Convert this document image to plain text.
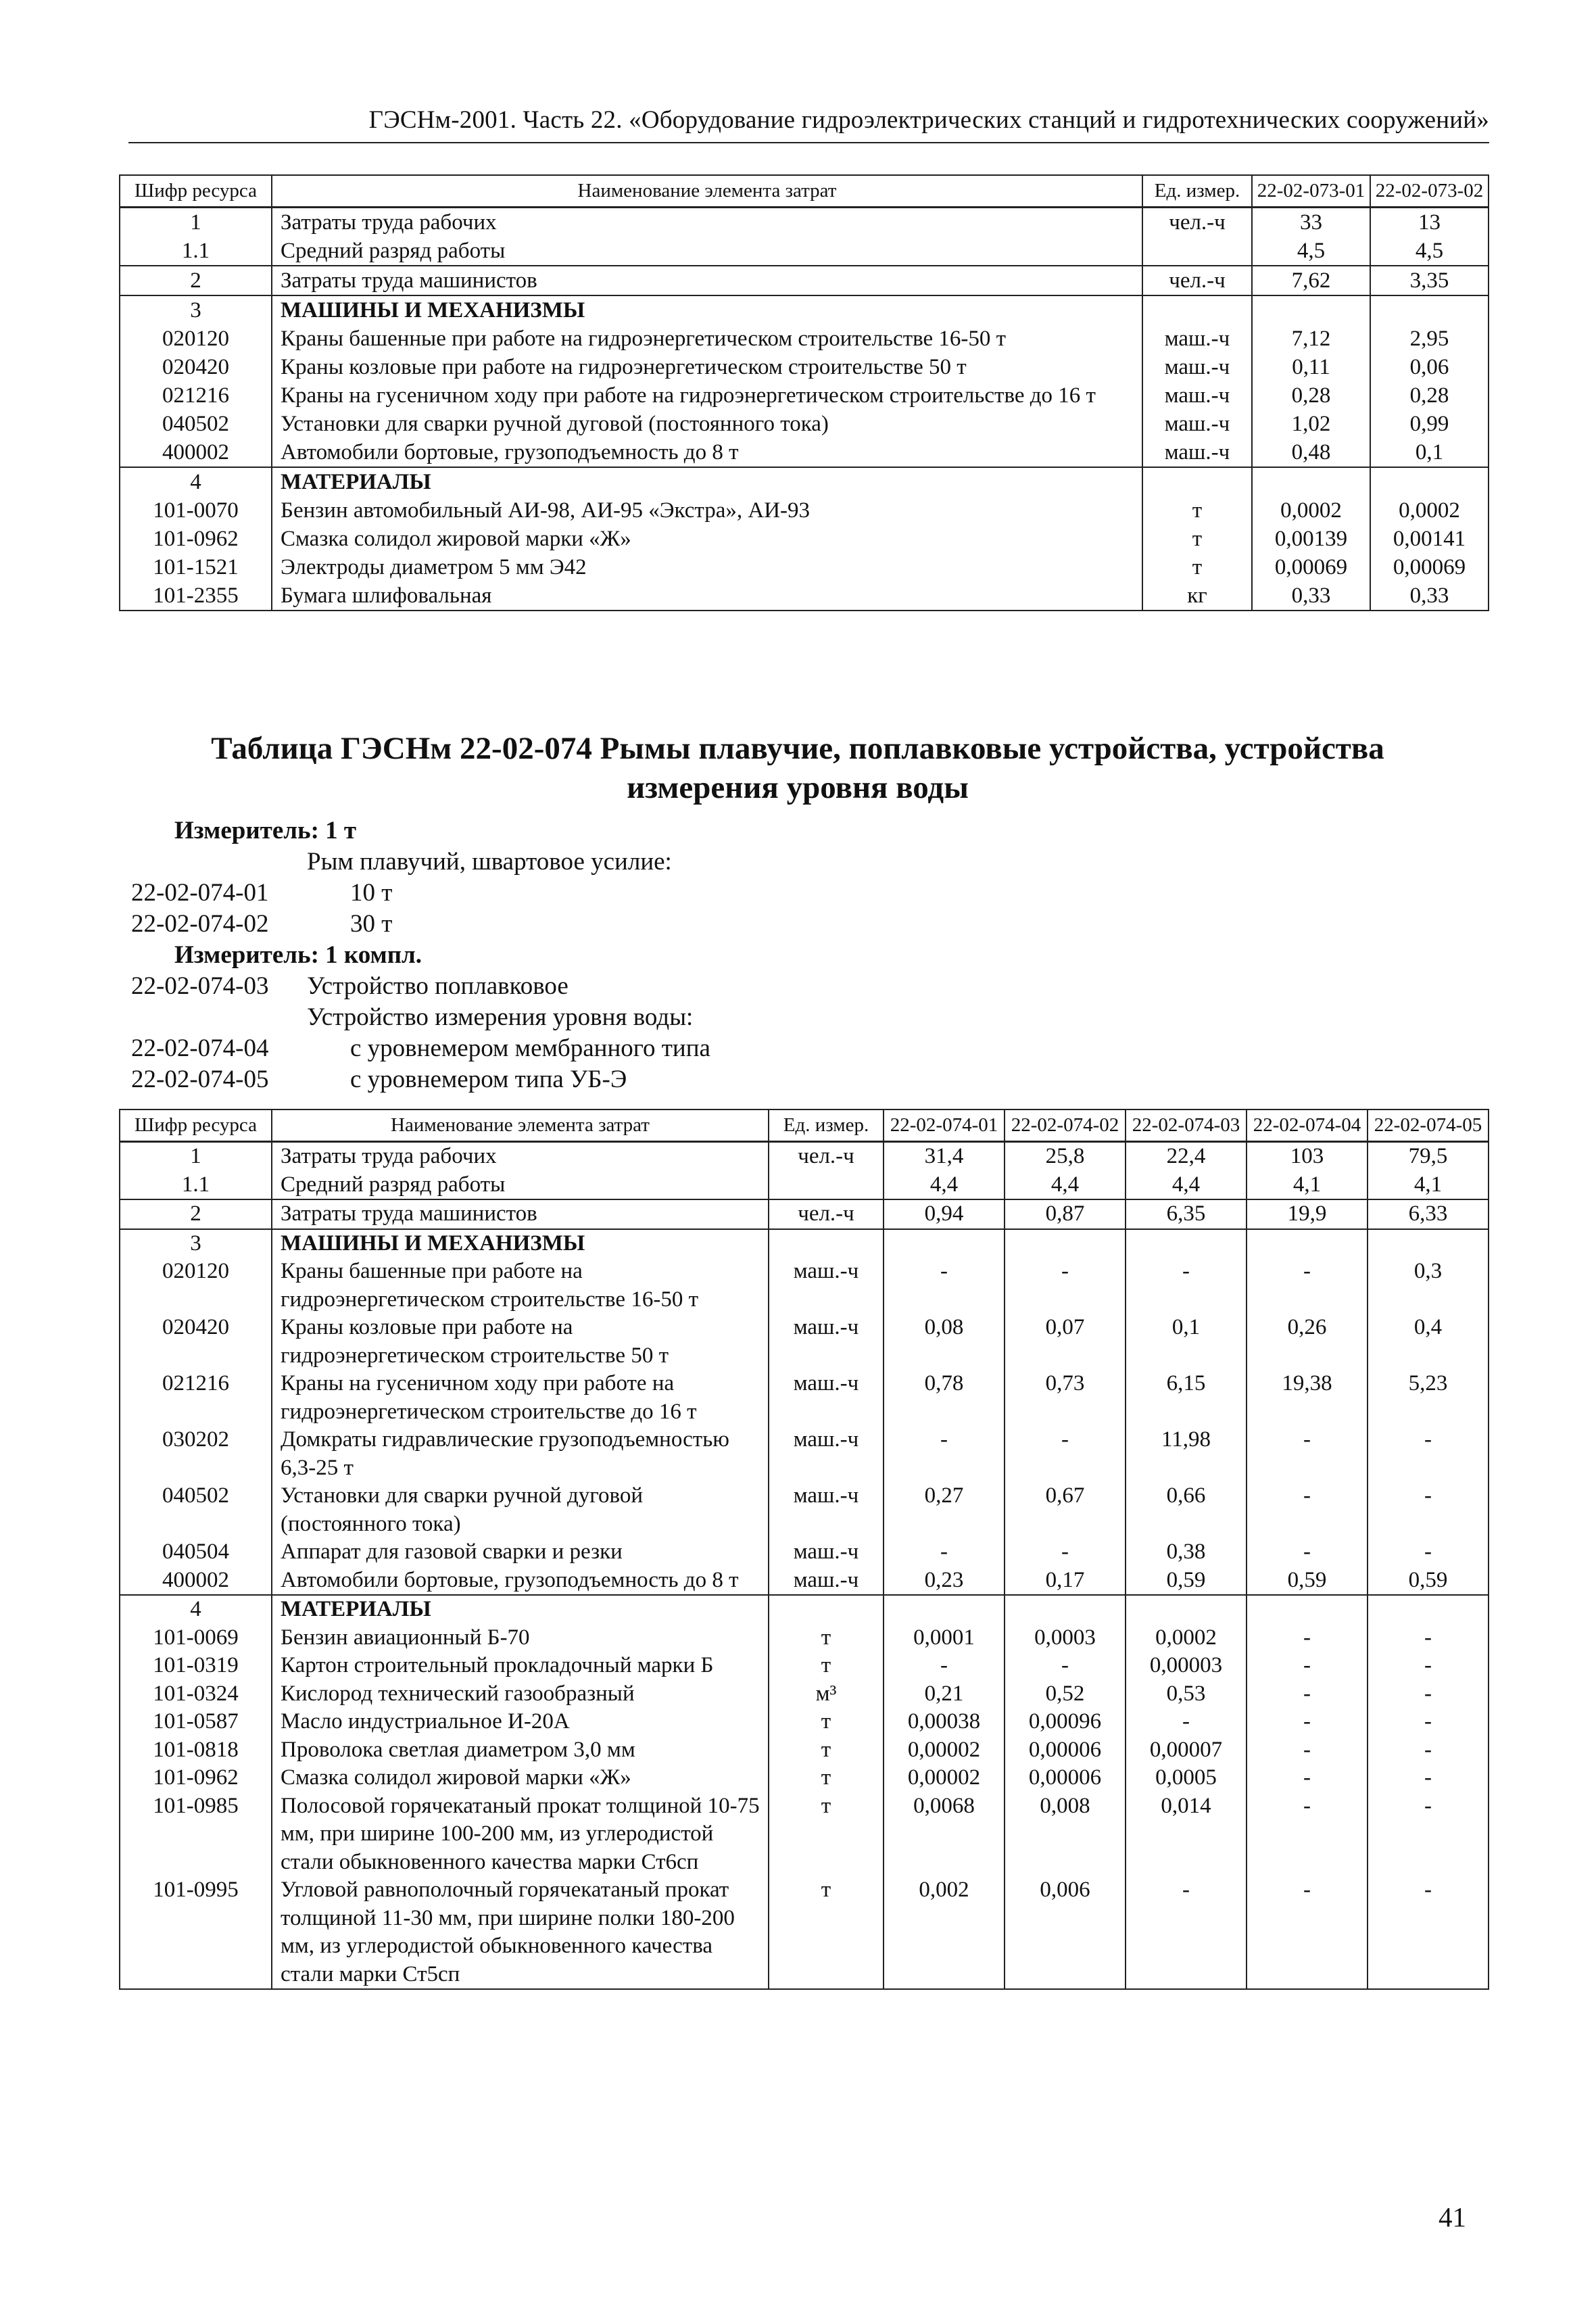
ГЭСНм-2001. Часть 22. «Оборудование гидроэлектрических станций и гидротехнических сооружений»
Шифр ресурса	Наименование элемента затрат	Ед. измер.	22-02-073-01	22-02-073-02
1	Затраты труда рабочих	чел.-ч	33	13
1.1	Средний разряд работы		4,5	4,5
2	Затраты труда машинистов	чел.-ч	7,62	3,35
3	МАШИНЫ И МЕХАНИЗМЫ			
020120	Краны башенные при работе на гидроэнергетическом строительстве 16-50 т	маш.-ч	7,12	2,95
020420	Краны козловые при работе на гидроэнергетическом строительстве 50 т	маш.-ч	0,11	0,06
021216	Краны на гусеничном ходу при работе на гидроэнергетическом строительстве до 16 т	маш.-ч	0,28	0,28
040502	Установки для сварки ручной дуговой (постоянного тока)	маш.-ч	1,02	0,99
400002	Автомобили бортовые, грузоподъемность до 8 т	маш.-ч	0,48	0,1
4	МАТЕРИАЛЫ			
101-0070	Бензин автомобильный АИ-98, АИ-95 «Экстра», АИ-93	т	0,0002	0,0002
101-0962	Смазка солидол жировой марки «Ж»	т	0,00139	0,00141
101-1521	Электроды диаметром 5 мм Э42	т	0,00069	0,00069
101-2355	Бумага шлифовальная	кг	0,33	0,33
Таблица ГЭСНм 22-02-074 Рымы плавучие, поплавковые устройства, устройства
измерения уровня воды
Измеритель: 1 т
Рым плавучий, швартовое усилие:
22-02-074-01	10 т
22-02-074-02	30 т
Измеритель: 1 компл.
22-02-074-03 Устройство поплавковое
Устройство измерения уровня воды:
22-02-074-04	с уровнемером мембранного типа
22-02-074-05	с уровнемером типа УБ-Э
Шифр ресурса	Наименование элемента затрат	Ед. измер.	22-02-074-01	22-02-074-02	22-02-074-03	22-02-074-04	22-02-074-05
1	Затраты труда рабочих	чел.-ч	31,4	25,8	22,4	103	79,5
1.1	Средний разряд работы		4,4	4,4	4,4	4,1	4,1
2	Затраты труда машинистов	чел.-ч	0,94	0,87	6,35	19,9	6,33
3	МАШИНЫ И МЕХАНИЗМЫ						
020120	Краны башенные при работе на гидроэнергетическом строительстве 16-50 т	маш.-ч	-	-	-	-	0,3
020420	Краны козловые при работе на гидроэнергетическом строительстве 50 т	маш.-ч	0,08	0,07	0,1	0,26	0,4
021216	Краны на гусеничном ходу при работе на гидроэнергетическом строительстве до 16 т	маш.-ч	0,78	0,73	6,15	19,38	5,23
030202	Домкраты гидравлические грузоподъемностью 6,3-25 т	маш.-ч	-	-	11,98	-	-
040502	Установки для сварки ручной дуговой (постоянного тока)	маш.-ч	0,27	0,67	0,66	-	-
040504	Аппарат для газовой сварки и резки	маш.-ч	-	-	0,38	-	-
400002	Автомобили бортовые, грузоподъемность до 8 т	маш.-ч	0,23	0,17	0,59	0,59	0,59
4	МАТЕРИАЛЫ						
101-0069	Бензин авиационный Б-70	т	0,0001	0,0003	0,0002	-	-
101-0319	Картон строительный прокладочный марки Б	т	-	-	0,00003	-	-
101-0324	Кислород технический газообразный	м³	0,21	0,52	0,53	-	-
101-0587	Масло индустриальное И-20А	т	0,00038	0,00096	-	-	-
101-0818	Проволока светлая диаметром 3,0 мм	т	0,00002	0,00006	0,00007	-	-
101-0962	Смазка солидол жировой марки «Ж»	т	0,00002	0,00006	0,0005	-	-
101-0985	Полосовой горячекатаный прокат толщиной 10-75 мм, при ширине 100-200 мм, из углеродистой стали обыкновенного качества марки Ст6сп	т	0,0068	0,008	0,014	-	-
101-0995	Угловой равнополочный горячекатаный прокат толщиной 11-30 мм, при ширине полки 180-200 мм, из углеродистой обыкновенного качества стали марки Ст5сп	т	0,002	0,006	-	-	-
41
